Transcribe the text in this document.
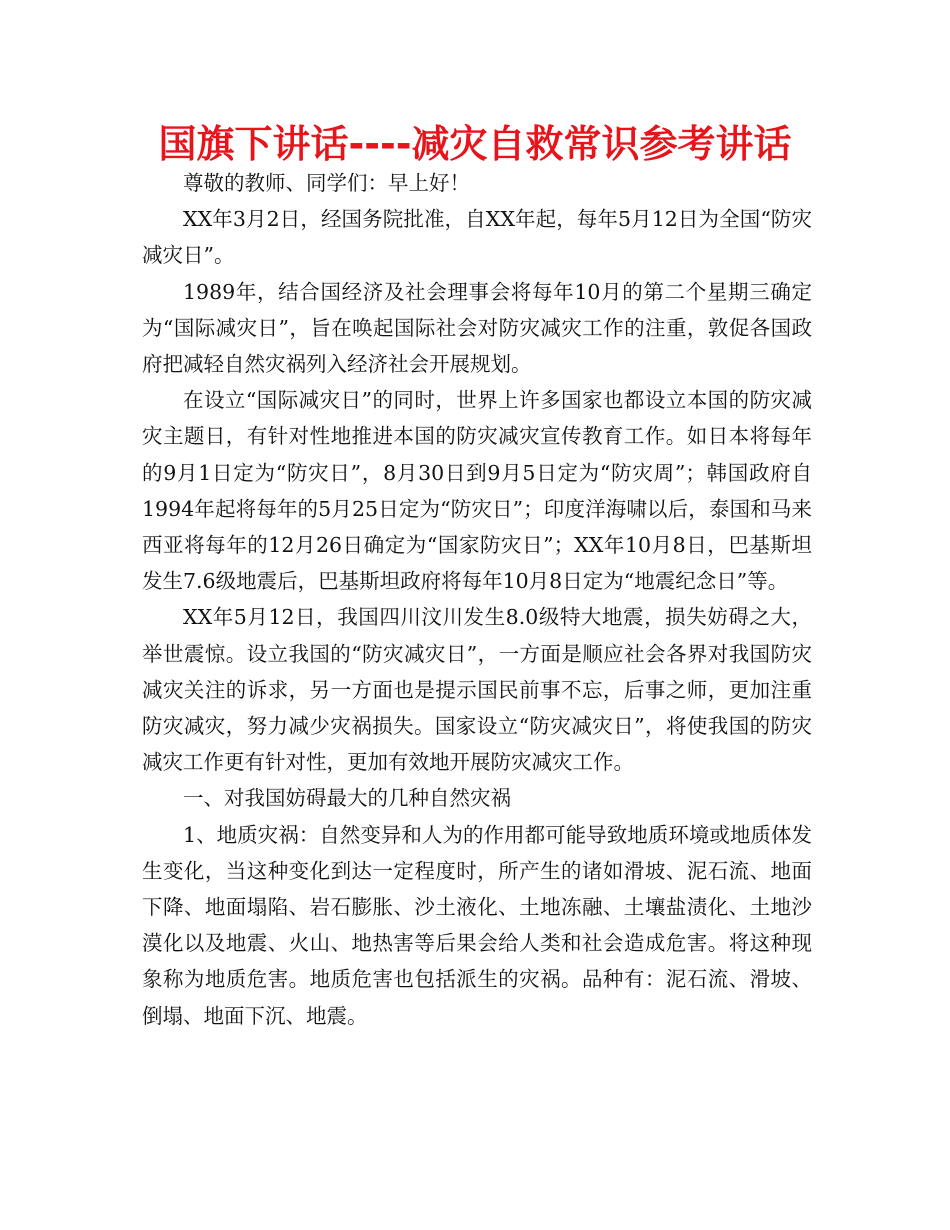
国旗下讲话----减灾自救常识参考讲话

尊敬的教师、同学们：早上好！

XX年3月2日，经国务院批准，自XX年起，每年5月12日为全国“防灾减灾日”。

1989年，结合国经济及社会理事会将每年10月的第二个星期三确定为“国际减灾日”，旨在唤起国际社会对防灾减灾工作的注重，敦促各国政府把减轻自然灾祸列入经济社会开展规划。

在设立“国际减灾日”的同时，世界上许多国家也都设立本国的防灾减灾主题日，有针对性地推进本国的防灾减灾宣传教育工作。如日本将每年的9月1日定为“防灾日”，8月30日到9月5日定为“防灾周”；韩国政府自1994年起将每年的5月25日定为“防灾日”；印度洋海啸以后，泰国和马来西亚将每年的12月26日确定为“国家防灾日”；XX年10月8日，巴基斯坦发生7.6级地震后，巴基斯坦政府将每年10月8日定为“地震纪念日”等。

XX年5月12日，我国四川汶川发生8.0级特大地震，损失妨碍之大，举世震惊。设立我国的“防灾减灾日”，一方面是顺应社会各界对我国防灾减灾关注的诉求，另一方面也是提示国民前事不忘，后事之师，更加注重防灾减灾，努力减少灾祸损失。国家设立“防灾减灾日”，将使我国的防灾减灾工作更有针对性，更加有效地开展防灾减灾工作。

一、对我国妨碍最大的几种自然灾祸

1、地质灾祸：自然变异和人为的作用都可能导致地质环境或地质体发生变化，当这种变化到达一定程度时，所产生的诸如滑坡、泥石流、地面下降、地面塌陷、岩石膨胀、沙土液化、土地冻融、土壤盐渍化、土地沙漠化以及地震、火山、地热害等后果会给人类和社会造成危害。将这种现象称为地质危害。地质危害也包括派生的灾祸。品种有：泥石流、滑坡、倒塌、地面下沉、地震。
